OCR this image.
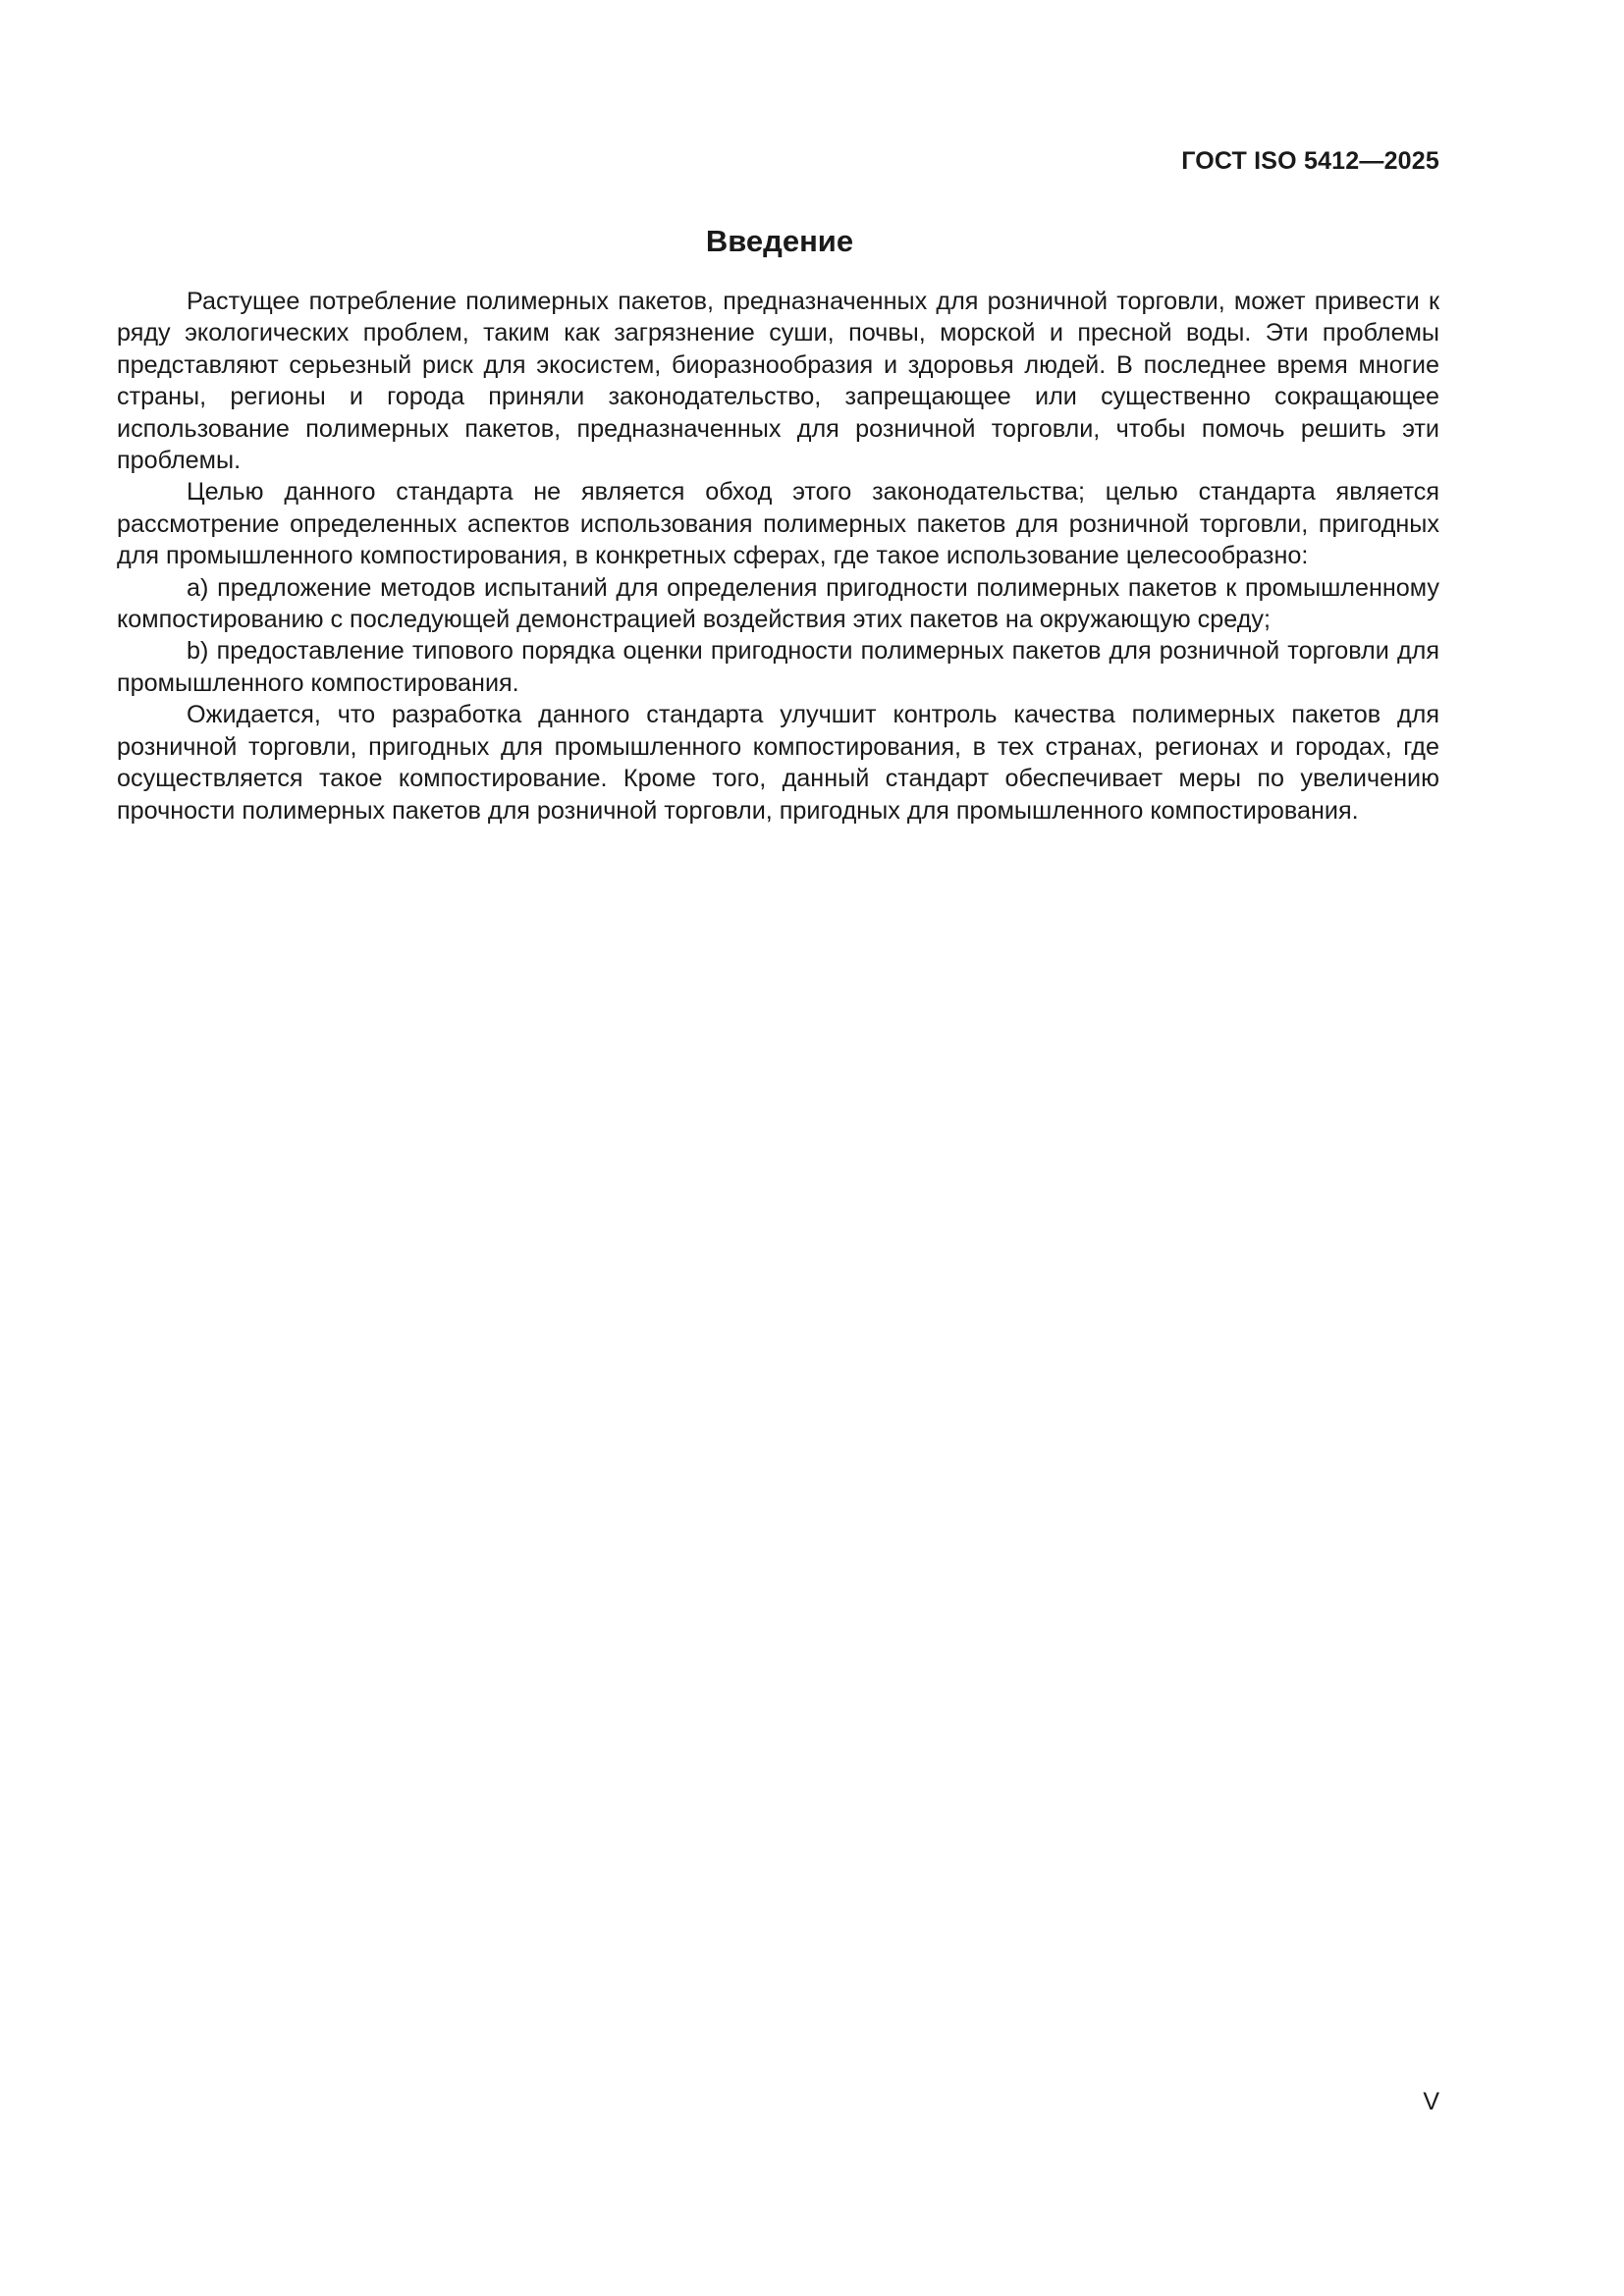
ГОСТ ISO 5412—2025
Введение

Растущее потребление полимерных пакетов, предназначенных для розничной торговли, может привести к ряду экологических проблем, таким как загрязнение суши, почвы, морской и пресной воды. Эти проблемы представляют серьезный риск для экосистем, биоразнообразия и здоровья людей. В последнее время многие страны, регионы и города приняли законодательство, запрещающее или существенно сокращающее использование полимерных пакетов, предназначенных для розничной торговли, чтобы помочь решить эти проблемы.

Целью данного стандарта не является обход этого законодательства; целью стандарта является рассмотрение определенных аспектов использования полимерных пакетов для розничной торговли, пригодных для промышленного компостирования, в конкретных сферах, где такое использование целесообразно:

a) предложение методов испытаний для определения пригодности полимерных пакетов к промышленному компостированию с последующей демонстрацией воздействия этих пакетов на окружающую среду;

b) предоставление типового порядка оценки пригодности полимерных пакетов для розничной торговли для промышленного компостирования.

Ожидается, что разработка данного стандарта улучшит контроль качества полимерных пакетов для розничной торговли, пригодных для промышленного компостирования, в тех странах, регионах и городах, где осуществляется такое компостирование. Кроме того, данный стандарт обеспечивает меры по увеличению прочности полимерных пакетов для розничной торговли, пригодных для промышленного компостирования.

V
